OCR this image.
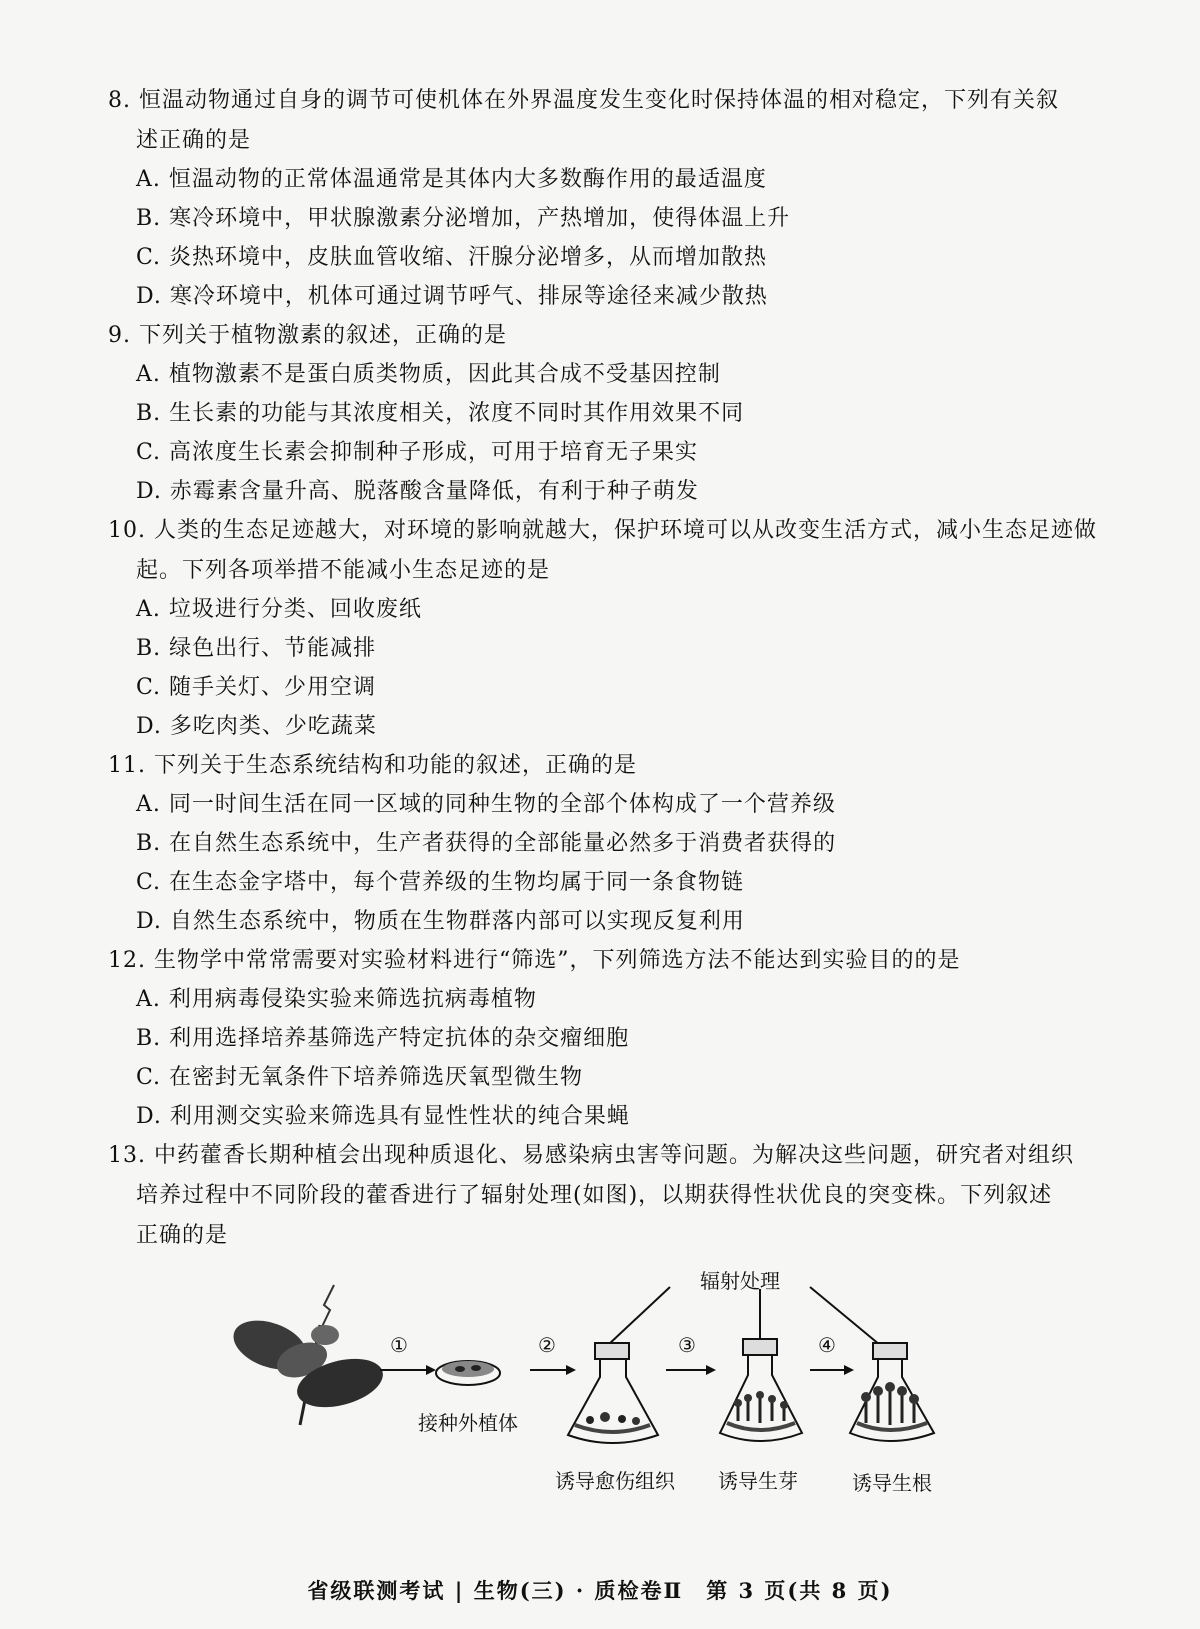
8. 恒温动物通过自身的调节可使机体在外界温度发生变化时保持体温的相对稳定，下列有关叙
述正确的是
A. 恒温动物的正常体温通常是其体内大多数酶作用的最适温度
B. 寒冷环境中，甲状腺激素分泌增加，产热增加，使得体温上升
C. 炎热环境中，皮肤血管收缩、汗腺分泌增多，从而增加散热
D. 寒冷环境中，机体可通过调节呼气、排尿等途径来减少散热
9. 下列关于植物激素的叙述，正确的是
A. 植物激素不是蛋白质类物质，因此其合成不受基因控制
B. 生长素的功能与其浓度相关，浓度不同时其作用效果不同
C. 高浓度生长素会抑制种子形成，可用于培育无子果实
D. 赤霉素含量升高、脱落酸含量降低，有利于种子萌发
10. 人类的生态足迹越大，对环境的影响就越大，保护环境可以从改变生活方式，减小生态足迹做
起。下列各项举措不能减小生态足迹的是
A. 垃圾进行分类、回收废纸
B. 绿色出行、节能减排
C. 随手关灯、少用空调
D. 多吃肉类、少吃蔬菜
11. 下列关于生态系统结构和功能的叙述，正确的是
A. 同一时间生活在同一区域的同种生物的全部个体构成了一个营养级
B. 在自然生态系统中，生产者获得的全部能量必然多于消费者获得的
C. 在生态金字塔中，每个营养级的生物均属于同一条食物链
D. 自然生态系统中，物质在生物群落内部可以实现反复利用
12. 生物学中常常需要对实验材料进行“筛选”，下列筛选方法不能达到实验目的的是
A. 利用病毒侵染实验来筛选抗病毒植物
B. 利用选择培养基筛选产特定抗体的杂交瘤细胞
C. 在密封无氧条件下培养筛选厌氧型微生物
D. 利用测交实验来筛选具有显性性状的纯合果蝇
13. 中药藿香长期种植会出现种质退化、易感染病虫害等问题。为解决这些问题，研究者对组织
培养过程中不同阶段的藿香进行了辐射处理(如图)，以期获得性状优良的突变株。下列叙述
正确的是
辐射处理
①	②	③	④
接种外植体
诱导愈伤组织 诱导生芽	诱导生根
省级联测考试 | 生物(三) · 质检卷Ⅱ　第 3 页(共 8 页)
